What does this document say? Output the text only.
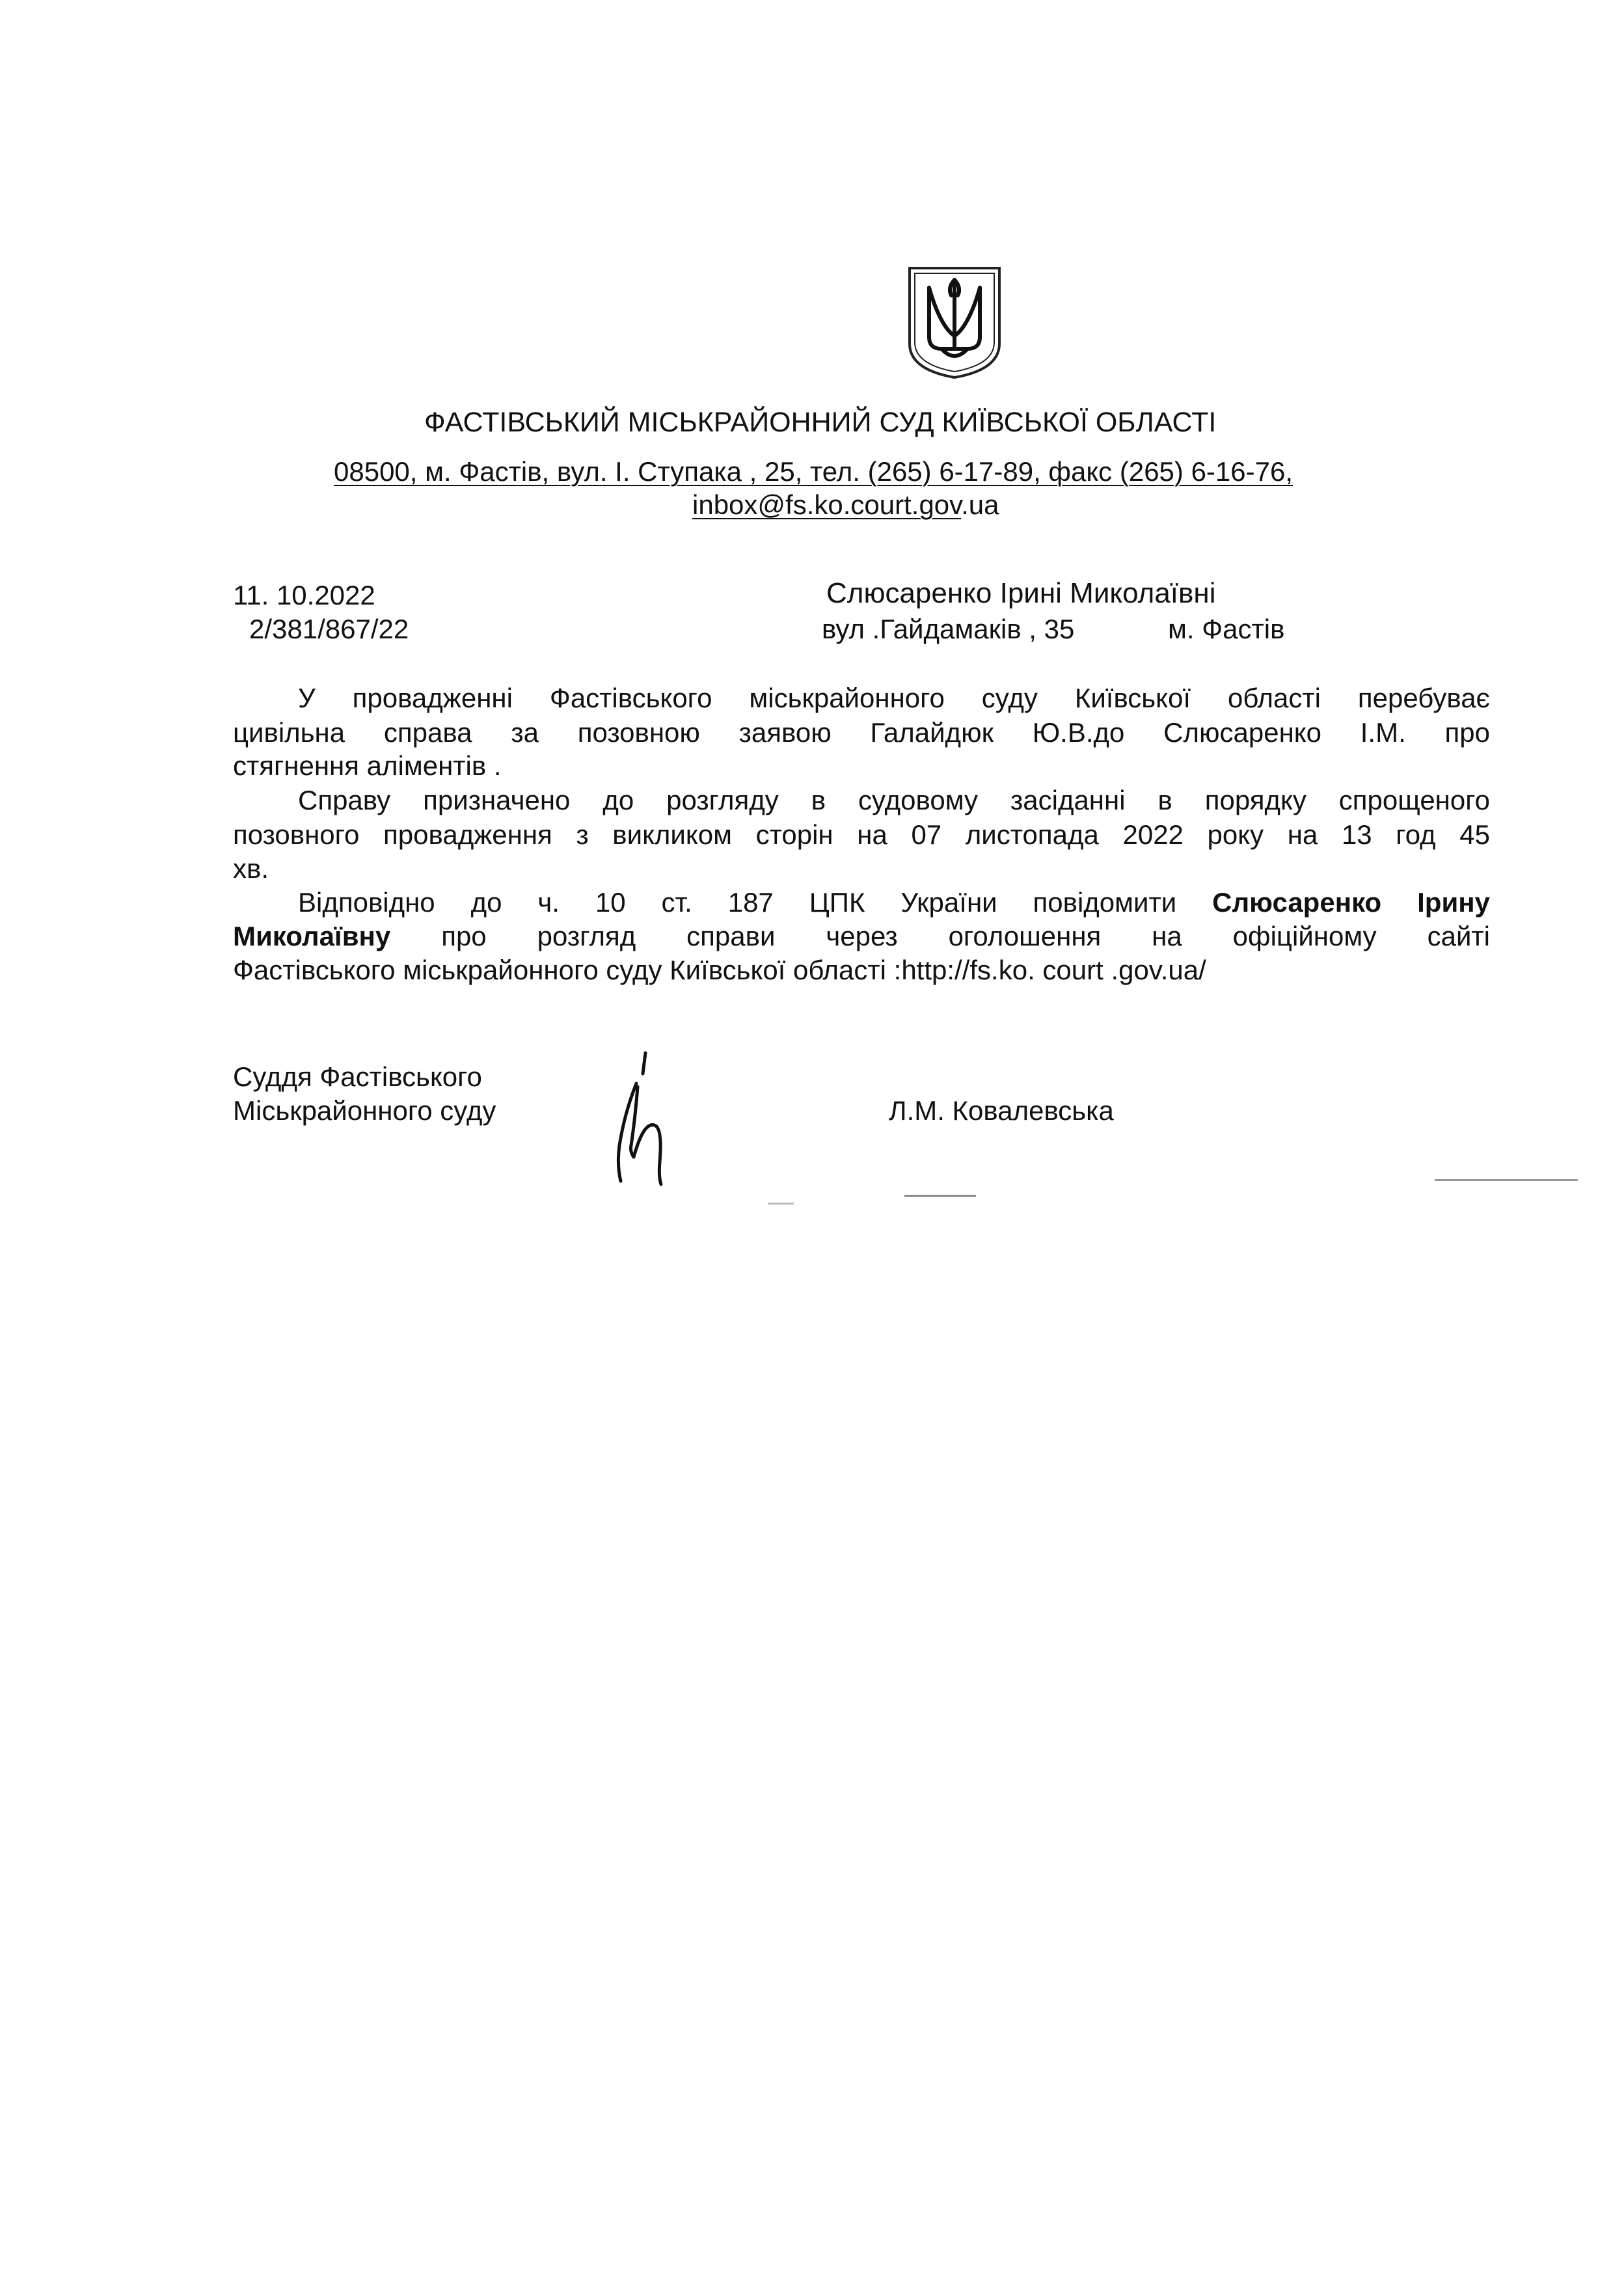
ФАСТІВСЬКИЙ МІСЬКРАЙОННИЙ СУД КИЇВСЬКОЇ ОБЛАСТІ
08500, м. Фастів, вул. І. Ступака , 25, тел. (265) 6-17-89, факс (265) 6-16-76,
inbox@fs.ko.court.gov.ua
11. 10.2022
2/381/867/22
Слюсаренко Ірині Миколаївні
вул .Гайдамаків , 35	м. Фастів
У провадженні Фастівського міськрайонного суду Київської області перебуває
цивільна справа за позовною заявою Галайдюк Ю.В.до Слюсаренко І.М. про
стягнення аліментів .
Справу призначено до розгляду в судовому засіданні в порядку спрощеного
позовного провадження з викликом сторін на 07 листопада 2022 року на 13 год 45
хв.
Відповідно до ч. 10 ст. 187 ЦПК України повідомити Слюсаренко Ірину
Миколаївну про розгляд справи через оголошення на офіційному сайті
Фастівського міськрайонного суду Київської області :http://fs.ko. court .gov.ua/
Суддя Фастівського
Міськрайонного суду	Л.М. Ковалевська
